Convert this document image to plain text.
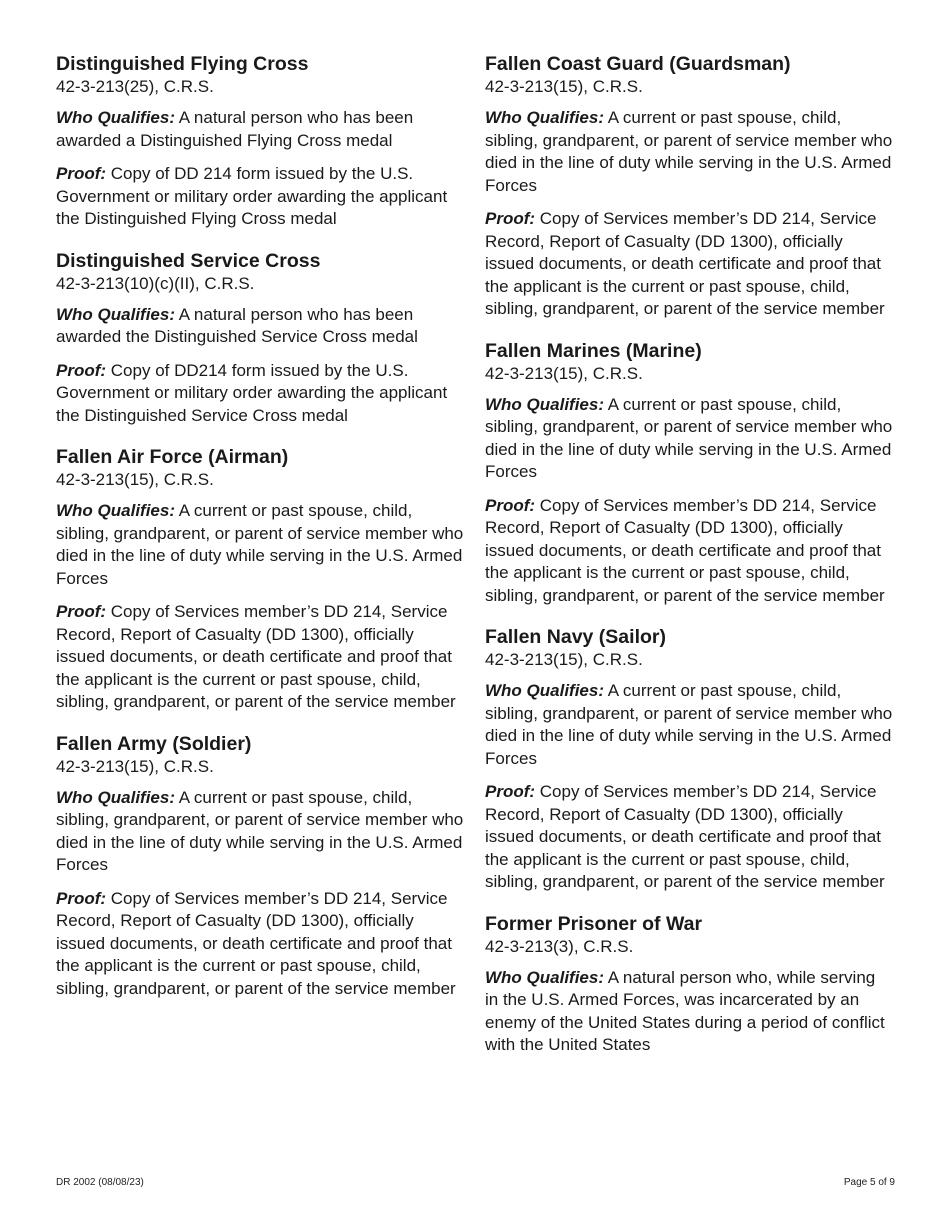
Distinguished Flying Cross
42-3-213(25), C.R.S.
Who Qualifies: A natural person who has been awarded a Distinguished Flying Cross medal
Proof: Copy of DD 214 form issued by the U.S. Government or military order awarding the applicant the Distinguished Flying Cross medal
Distinguished Service Cross
42-3-213(10)(c)(II), C.R.S.
Who Qualifies: A natural person who has been awarded the Distinguished Service Cross medal
Proof: Copy of DD214 form issued by the U.S. Government or military order awarding the applicant the Distinguished Service Cross medal
Fallen Air Force (Airman)
42-3-213(15), C.R.S.
Who Qualifies: A current or past spouse, child, sibling, grandparent, or parent of service member who died in the line of duty while serving in the U.S. Armed Forces
Proof: Copy of Services member’s DD 214, Service Record, Report of Casualty (DD 1300), officially issued documents, or death certificate and proof that the applicant is the current or past spouse, child, sibling, grandparent, or parent of the service member
Fallen Army (Soldier)
42-3-213(15), C.R.S.
Who Qualifies: A current or past spouse, child, sibling, grandparent, or parent of service member who died in the line of duty while serving in the U.S. Armed Forces
Proof: Copy of Services member’s DD 214, Service Record, Report of Casualty (DD 1300), officially issued documents, or death certificate and proof that the applicant is the current or past spouse, child, sibling, grandparent, or parent of the service member
Fallen Coast Guard (Guardsman)
42-3-213(15), C.R.S.
Who Qualifies: A current or past spouse, child, sibling, grandparent, or parent of service member who died in the line of duty while serving in the U.S. Armed Forces
Proof: Copy of Services member’s DD 214, Service Record, Report of Casualty (DD 1300), officially issued documents, or death certificate and proof that the applicant is the current or past spouse, child, sibling, grandparent, or parent of the service member
Fallen Marines (Marine)
42-3-213(15), C.R.S.
Who Qualifies: A current or past spouse, child, sibling, grandparent, or parent of service member who died in the line of duty while serving in the U.S. Armed Forces
Proof: Copy of Services member’s DD 214, Service Record, Report of Casualty (DD 1300), officially issued documents, or death certificate and proof that the applicant is the current or past spouse, child, sibling, grandparent, or parent of the service member
Fallen Navy (Sailor)
42-3-213(15), C.R.S.
Who Qualifies: A current or past spouse, child, sibling, grandparent, or parent of service member who died in the line of duty while serving in the U.S. Armed Forces
Proof: Copy of Services member’s DD 214, Service Record, Report of Casualty (DD 1300), officially issued documents, or death certificate and proof that the applicant is the current or past spouse, child, sibling, grandparent, or parent of the service member
Former Prisoner of War
42-3-213(3), C.R.S.
Who Qualifies: A natural person who, while serving in the U.S. Armed Forces, was incarcerated by an enemy of the United States during a period of conflict with the United States
DR 2002 (08/08/23)	Page 5 of 9
